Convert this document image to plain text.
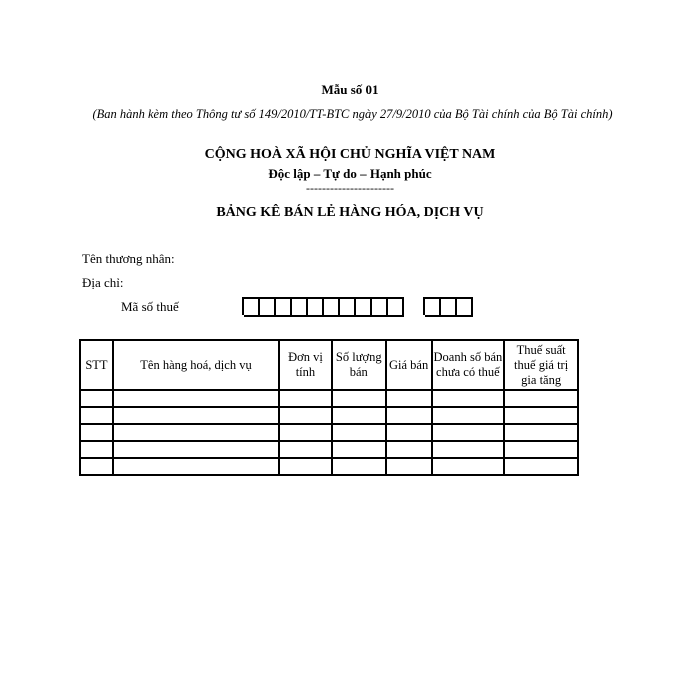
Mẫu số 01
(Ban hành kèm theo Thông tư số 149/2010/TT-BTC ngày 27/9/2010 của Bộ Tài chính của Bộ Tài chính)
CỘNG HOÀ XÃ HỘI CHỦ NGHĨA VIỆT NAM
Độc lập – Tự do – Hạnh phúc
----------------------
BẢNG KÊ BÁN LẺ HÀNG HÓA, DỊCH VỤ
Tên thương nhân:
Địa chỉ:
Mã số thuế
STT	Tên hàng hoá, dịch vụ	Đơn vị tính	Số lượng bán	Giá bán	Doanh số bán chưa có thuế	Thuế suất thuế giá trị gia tăng
